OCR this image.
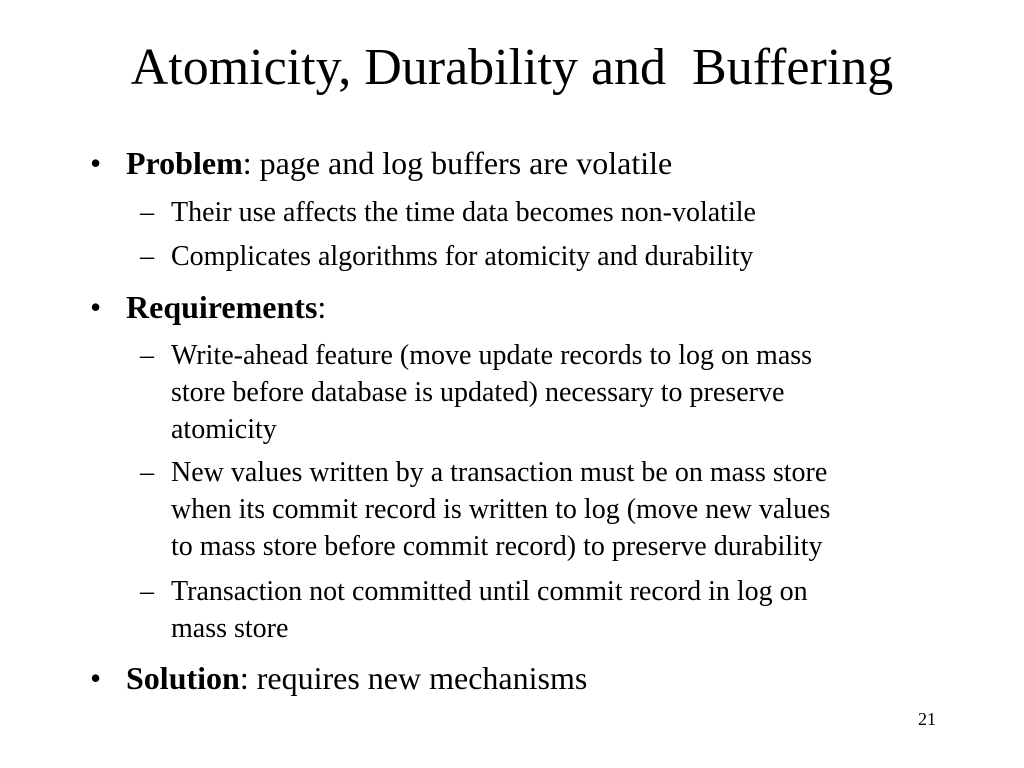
Atomicity, Durability and  Buffering
• Problem: page and log buffers are volatile
– Their use affects the time data becomes non-volatile
– Complicates algorithms for atomicity and durability
• Requirements:
– Write-ahead feature (move update records to log on mass
store before database is updated) necessary to preserve
atomicity
– New values written by a transaction must be on mass store
when its commit record is written to log (move new values
to mass store before commit record) to preserve durability
– Transaction not committed until commit record in log on
mass store
• Solution: requires new mechanisms
21
